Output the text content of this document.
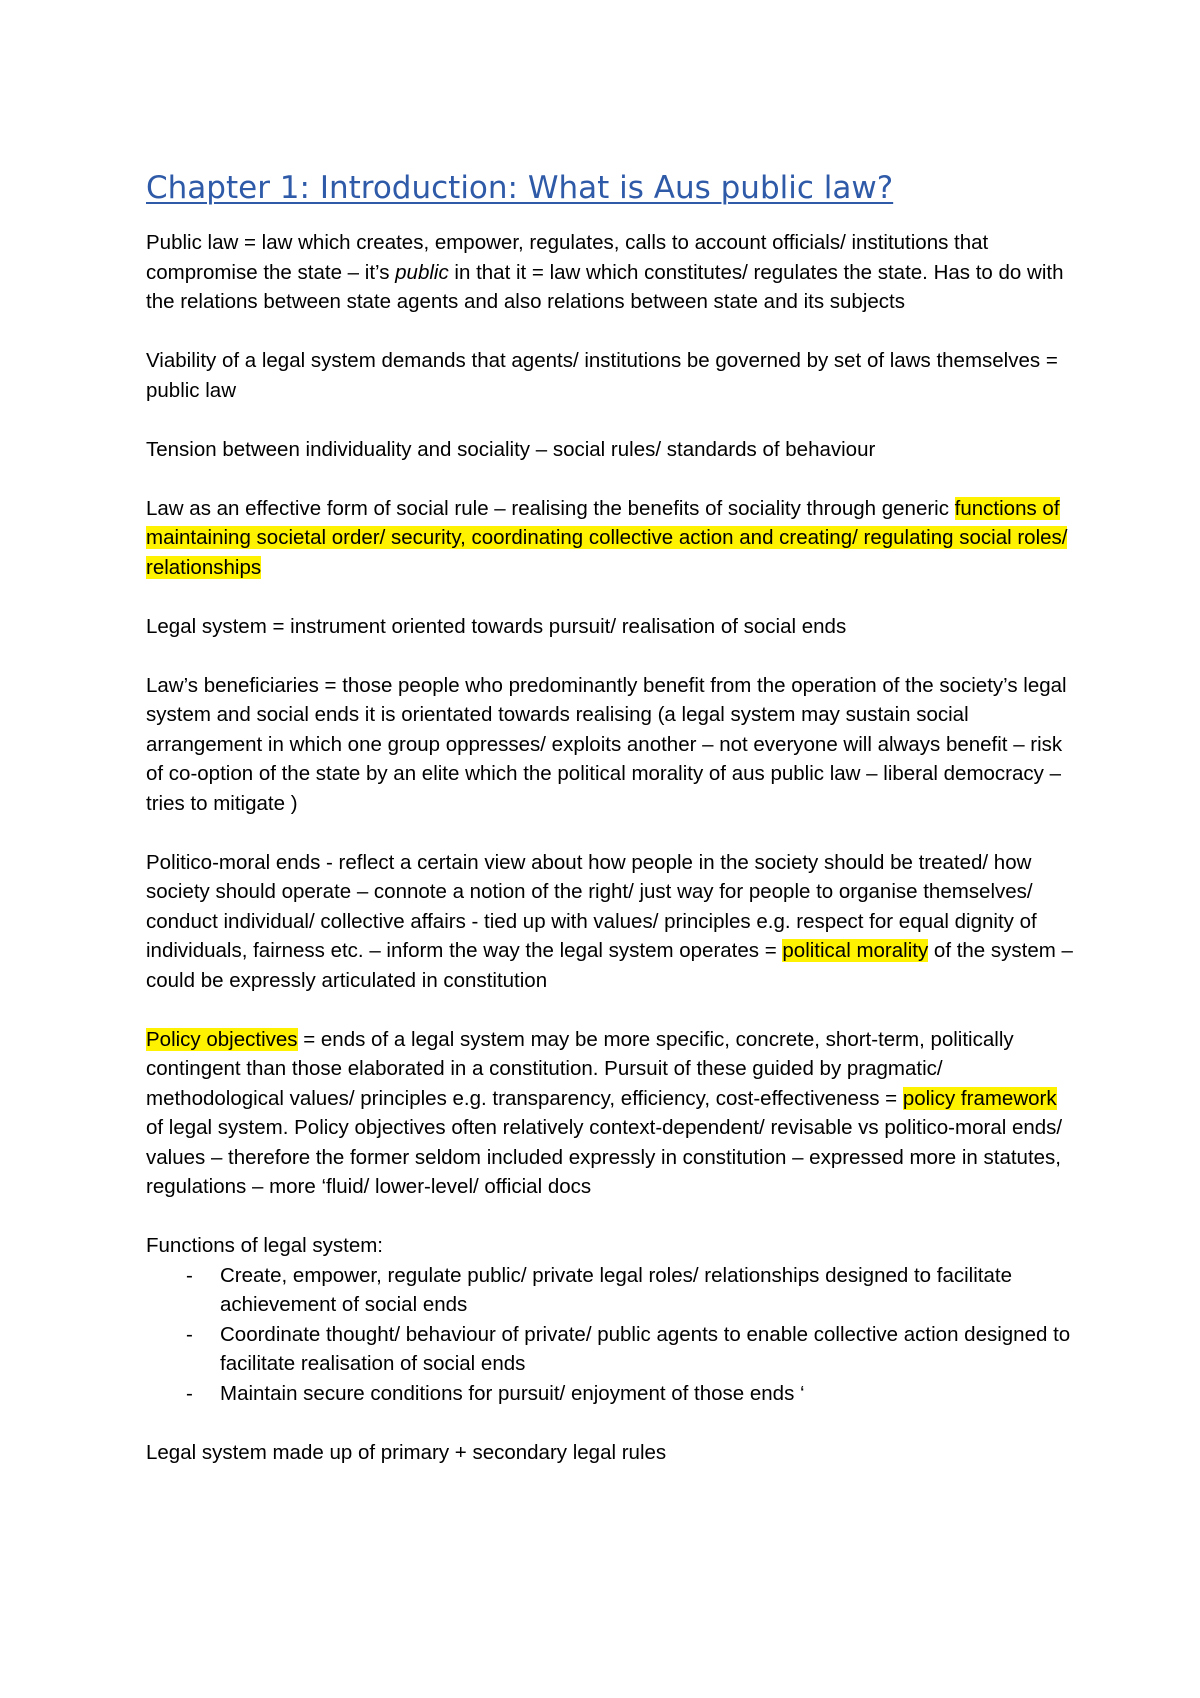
Chapter 1: Introduction: What is Aus public law?

Public law = law which creates, empower, regulates, calls to account officials/ institutions that compromise the state – it’s public in that it = law which constitutes/ regulates the state. Has to do with the relations between state agents and also relations between state and its subjects

Viability of a legal system demands that agents/ institutions be governed by set of laws themselves = public law

Tension between individuality and sociality – social rules/ standards of behaviour

Law as an effective form of social rule – realising the benefits of sociality through generic functions of maintaining societal order/ security, coordinating collective action and creating/ regulating social roles/ relationships

Legal system = instrument oriented towards pursuit/ realisation of social ends

Law’s beneficiaries = those people who predominantly benefit from the operation of the society’s legal system and social ends it is orientated towards realising (a legal system may sustain social arrangement in which one group oppresses/ exploits another – not everyone will always benefit – risk of co-option of the state by an elite which the political morality of aus public law – liberal democracy – tries to mitigate )

Politico-moral ends - reflect a certain view about how people in the society should be treated/ how society should operate – connote a notion of the right/ just way for people to organise themselves/ conduct individual/ collective affairs - tied up with values/ principles e.g. respect for equal dignity of individuals, fairness etc. – inform the way the legal system operates = political morality of the system – could be expressly articulated in constitution

Policy objectives = ends of a legal system may be more specific, concrete, short-term, politically contingent than those elaborated in a constitution. Pursuit of these guided by pragmatic/ methodological values/ principles e.g. transparency, efficiency, cost-effectiveness = policy framework of legal system. Policy objectives often relatively context-dependent/ revisable vs politico-moral ends/ values – therefore the former seldom included expressly in constitution – expressed more in statutes, regulations – more ‘fluid/ lower-level/ official docs

Functions of legal system:
- Create, empower, regulate public/ private legal roles/ relationships designed to facilitate achievement of social ends
- Coordinate thought/ behaviour of private/ public agents to enable collective action designed to facilitate realisation of social ends
- Maintain secure conditions for pursuit/ enjoyment of those ends ‘

Legal system made up of primary + secondary legal rules
